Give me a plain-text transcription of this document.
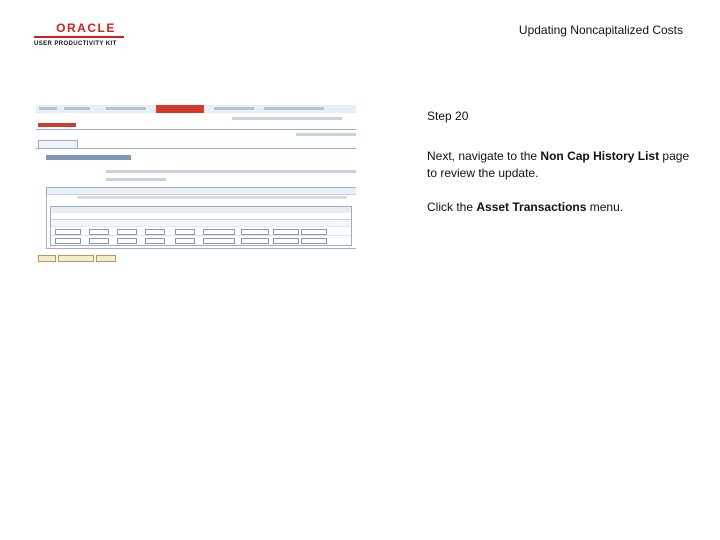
ORACLE
USER PRODUCTIVITY KIT
Updating Noncapitalized Costs
Step 20
Next, navigate to the Non Cap History List page to review the update.
Click the Asset Transactions menu.
